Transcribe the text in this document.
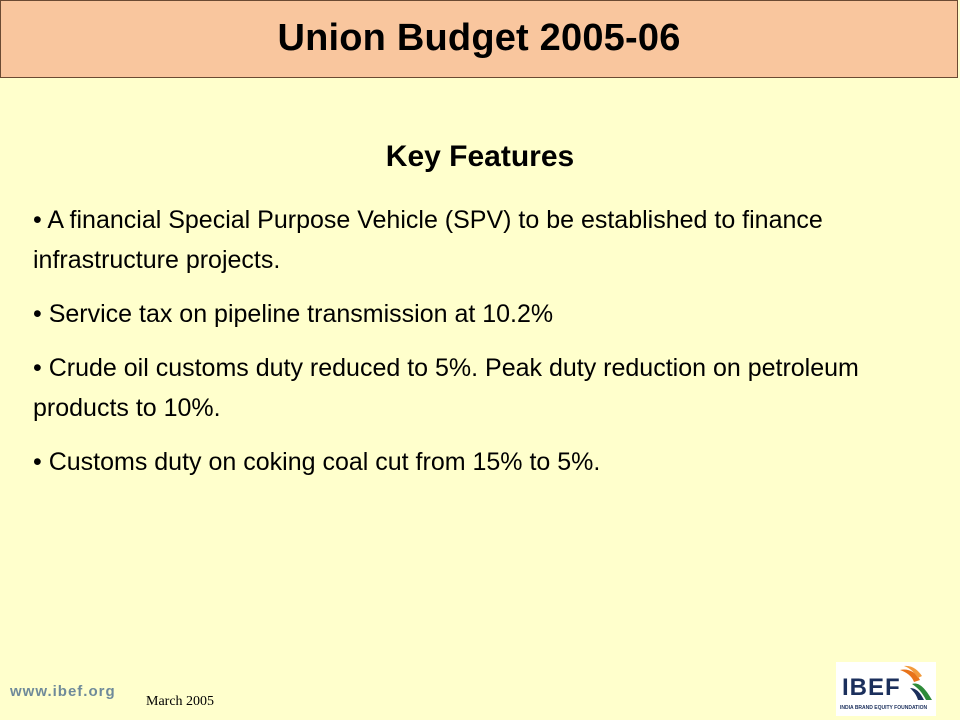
Union Budget 2005-06
Key Features
• A financial Special Purpose Vehicle (SPV) to be established to finance infrastructure projects.
• Service tax on pipeline transmission at 10.2%
• Crude oil customs duty reduced to 5%. Peak duty reduction on petroleum products to 10%.
• Customs duty on coking coal cut from 15% to 5%.
www.ibef.org
March 2005
IBEF
INDIA BRAND EQUITY FOUNDATION
